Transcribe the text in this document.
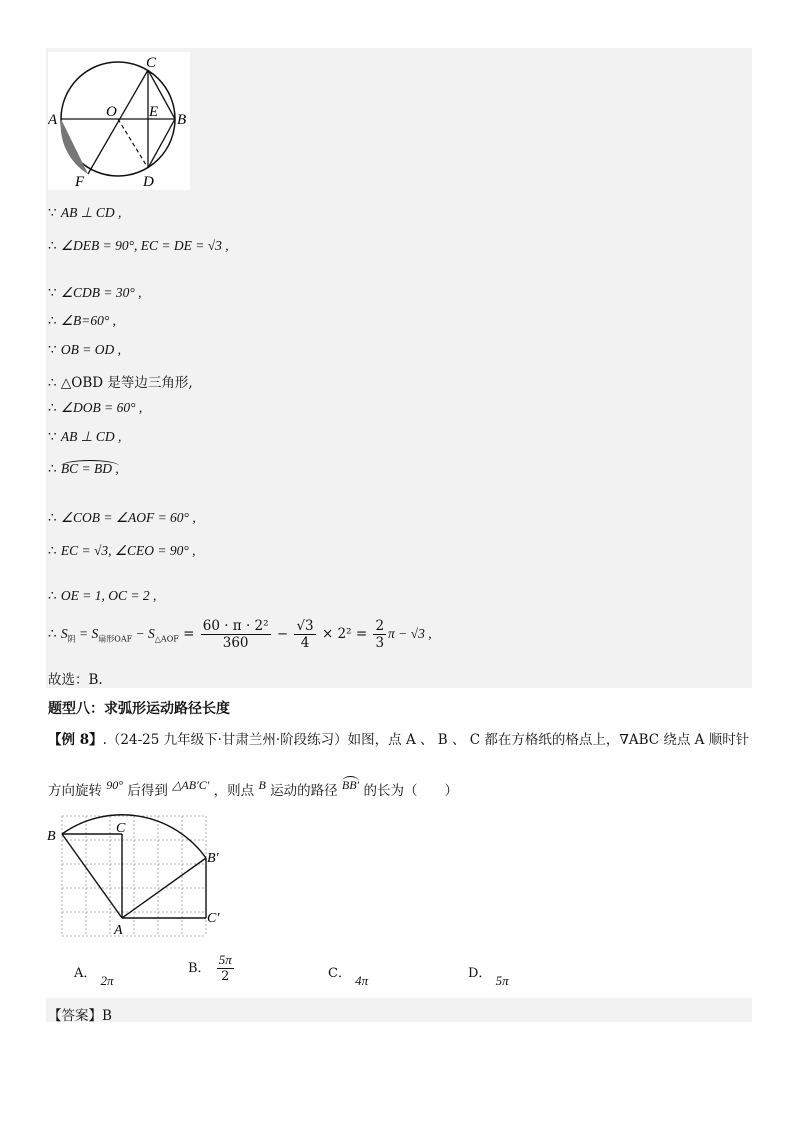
C
O E
A	B
F	D
∵ AB ⊥ CD ,
∴ ∠DEB = 90°, EC = DE = √3 ,
∵ ∠CDB = 30° ,
∴ ∠B=60° ,
∵ OB = OD ,
∴ △OBD 是等边三角形,
∴ ∠DOB = 60° ,
∵ AB ⊥ CD ,
∴ BC = BD ,
∴ ∠COB = ∠AOF = 60° ,
∴ EC = √3, ∠CEO = 90° ,
∴ OE = 1, OC = 2 ,
∴ $S_阴 = S_{扇形OAF} - S_{\triangle AOF} = \frac{\text{60 · π · 2²}}{360} - \frac{√3}{4} \times 2^2 = \frac{2}{3}$ π − √3 ,
故选：B.
题型八：求弧形运动路径长度
【例 8】.（24-25 九年级下·甘肃兰州·阶段练习）如图，点 A 、 B 、 C 都在方格纸的格点上，∇ABC 绕点 A 顺时针
方向旋转 90° 后得到 △AB′C′ ，则点 B 运动的路径 BB′ 的长为（　　）
B
C
B′
C′
A
A． 2π
B． $\frac{5\pi}{2}$	C． 4π	D． 5π
【答案】B
